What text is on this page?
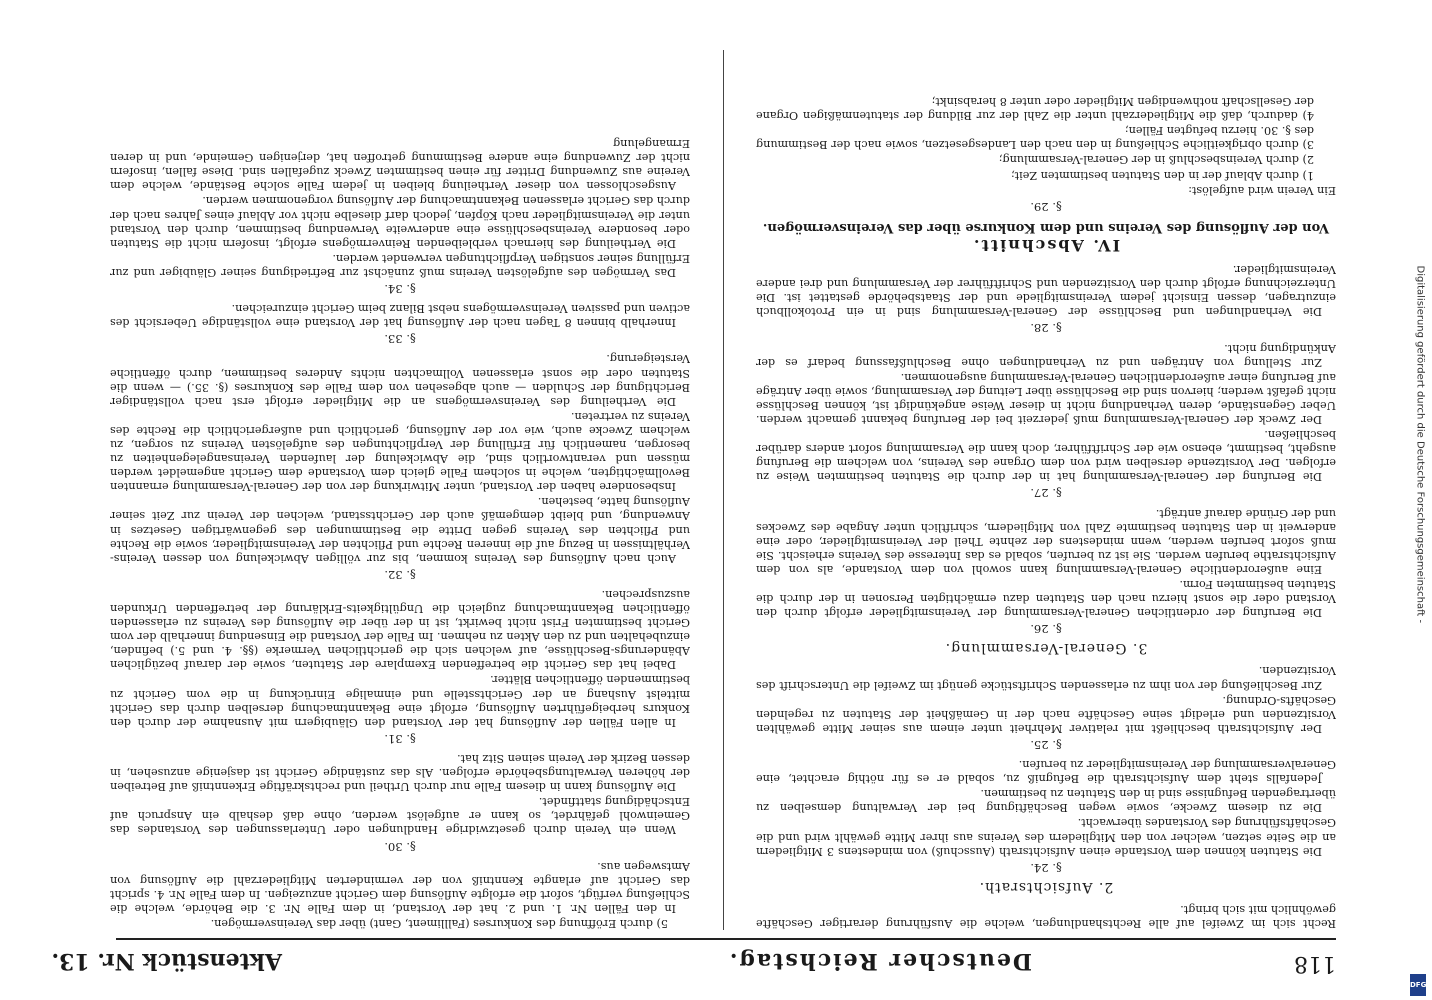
118
Deutscher Reichstag.
Aktenstück Nr. 13.

Recht sich im Zweifel auf alle Rechtshandlungen, welche die Ausführung derartiger Geschäfte gewöhnlich mit sich bringt.

2. Aufsichtsrath.

§. 24.

Die Statuten können dem Vorstande einen Aufsichtsrath (Ausschuß) von mindestens 3 Mitgliedern an die Seite setzen, welcher von den Mitgliedern des Vereins aus ihrer Mitte gewählt wird und die Geschäftsführung des Vorstandes überwacht.

Die zu diesem Zwecke, sowie wegen Beschäftigung bei der Verwaltung demselben zu übertragenden Befugnisse sind in den Statuten zu bestimmen.

Jedenfalls steht dem Aufsichtsrath die Befugniß zu, sobald er es für nöthig erachtet, eine Generalversammlung der Vereinsmitglieder zu berufen.

§. 25.

Der Aufsichtsrath beschließt mit relativer Mehrheit unter einem aus seiner Mitte gewählten Vorsitzenden und erledigt seine Geschäfte nach der in Gemäßheit der Statuten zu regelnden Geschäfts-Ordnung.

Zur Beschließung der von ihm zu erlassenden Schriftstücke genügt im Zweifel die Unterschrift des Vorsitzenden.

3. General-Versammlung.

§. 26.

Die Berufung der ordentlichen General-Versammlung der Vereinsmitglieder erfolgt durch den Vorstand oder die sonst hierzu nach den Statuten dazu ermächtigten Personen in der durch die Statuten bestimmten Form.

Eine außerordentliche General-Versammlung kann sowohl von dem Vorstande, als von dem Aufsichtsrathe berufen werden. Sie ist zu berufen, sobald es das Interesse des Vereins erheischt. Sie muß sofort berufen werden, wenn mindestens der zehnte Theil der Vereinsmitglieder, oder eine anderweit in den Statuten bestimmte Zahl von Mitgliedern, schriftlich unter Angabe des Zweckes und der Gründe darauf anträgt.

§. 27.

Die Berufung der General-Versammlung hat in der durch die Statuten bestimmten Weise zu erfolgen. Der Vorsitzende derselben wird von dem Organe des Vereins, von welchem die Berufung ausgeht, bestimmt, ebenso wie der Schriftführer, doch kann die Versammlung sofort anders darüber beschließen.

Der Zweck der General-Versammlung muß jederzeit bei der Berufung bekannt gemacht werden. Ueber Gegenstände, deren Verhandlung nicht in dieser Weise angekündigt ist, können Beschlüsse nicht gefaßt werden; hiervon sind die Beschlüsse über Leitung der Versammlung, sowie über Anträge auf Berufung einer außerordentlichen General-Versammlung ausgenommen.

Zur Stellung von Anträgen und zu Verhandlungen ohne Beschlußfassung bedarf es der Ankündigung nicht.

§. 28.

Die Verhandlungen und Beschlüsse der General-Versammlung sind in ein Protokollbuch einzutragen, dessen Einsicht jedem Vereinsmitgliede und der Staatsbehörde gestattet ist. Die Unterzeichnung erfolgt durch den Vorsitzenden und Schriftführer der Versammlung und drei andere Vereinsmitglieder.

IV. Abschnitt.

Von der Auflösung des Vereins und dem Konkurse über das Vereinsvermögen.

§. 29.

Ein Verein wird aufgelöst:

1) durch Ablauf der in den Statuten bestimmten Zeit;

2) durch Vereinsbeschluß in der General-Versammlung;

3) durch obrigkeitliche Schließung in den nach den Landesgesetzen, sowie nach der Bestimmung des §. 30. hierzu befugten Fällen;

4) dadurch, daß die Mitgliederzahl unter die Zahl der zur Bildung der statutenmäßigen Organe der Gesellschaft nothwendigen Mitglieder oder unter 8 herabsinkt;

5) durch Eröffnung des Konkurses (Fallliment, Gant) über das Vereinsvermögen.

In den Fällen Nr. 1. und 2. hat der Vorstand, in dem Falle Nr. 3. die Behörde, welche die Schließung verfügt, sofort die erfolgte Auflösung dem Gericht anzuzeigen. In dem Falle Nr. 4. spricht das Gericht auf erlangte Kenntniß von der verminderten Mitgliederzahl die Auflösung von Amtswegen aus.

§. 30.

Wenn ein Verein durch gesetzwidrige Handlungen oder Unterlassungen des Vorstandes das Gemeinwohl gefährdet, so kann er aufgelöst werden, ohne daß deshalb ein Anspruch auf Entschädigung stattfindet.

Die Auflösung kann in diesem Falle nur durch Urtheil und rechtskräftige Erkenntniß auf Betreiben der höheren Verwaltungsbehörde erfolgen. Als das zuständige Gericht ist dasjenige anzusehen, in dessen Bezirk der Verein seinen Sitz hat.

§. 31.

In allen Fällen der Auflösung hat der Vorstand den Gläubigern mit Ausnahme der durch den Konkurs herbeigeführten Auflösung, erfolgt eine Bekanntmachung derselben durch das Gericht mittelst Aushang an der Gerichtsstelle und einmalige Einrückung in die vom Gericht zu bestimmenden öffentlichen Blätter.

Dabei hat das Gericht die betreffenden Exemplare der Statuten, sowie der darauf bezüglichen Abänderungs-Beschlüsse, auf welchen sich die gerichtlichen Vermerke (§§. 4. und 5.) befinden, einzubehalten und zu den Akten zu nehmen. Im Falle der Vorstand die Einsendung innerhalb der vom Gericht bestimmten Frist nicht bewirkt, ist in der über die Auflösung des Vereins zu erlassenden öffentlichen Bekanntmachung zugleich die Ungültigkeits-Erklärung der betreffenden Urkunden auszusprechen.

§. 32.

Auch nach Auflösung des Vereins kommen, bis zur völligen Abwickelung von dessen Vereins-Verhältnissen in Bezug auf die inneren Rechte und Pflichten der Vereinsmitglieder, sowie die Rechte und Pflichten des Vereins gegen Dritte die Bestimmungen des gegenwärtigen Gesetzes in Anwendung, und bleibt demgemäß auch der Gerichtsstand, welchen der Verein zur Zeit seiner Auflösung hatte, bestehen.

Insbesondere haben der Vorstand, unter Mitwirkung der von der General-Versammlung ernannten Bevollmächtigten, welche in solchem Falle gleich dem Vorstande dem Gericht angemeldet werden müssen und verantwortlich sind, die Abwickelung der laufenden Vereinsangelegenheiten zu besorgen, namentlich für Erfüllung der Verpflichtungen des aufgelösten Vereins zu sorgen, zu welchem Zwecke auch, wie vor der Auflösung, gerichtlich und außergerichtlich die Rechte des Vereins zu vertreten.

Die Vertheilung des Vereinsvermögens an die Mitglieder erfolgt erst nach vollständiger Berichtigung der Schulden — auch abgesehen von dem Falle des Konkurses (§. 35.) — wenn die Statuten oder die sonst erlassenen Vollmachten nichts Anderes bestimmen, durch öffentliche Versteigerung.

§. 33.

Innerhalb binnen 8 Tagen nach der Auflösung hat der Vorstand eine vollständige Uebersicht des activen und passiven Vereinsvermögens nebst Bilanz beim Gericht einzureichen.

§. 34.

Das Vermögen des aufgelösten Vereins muß zunächst zur Befriedigung seiner Gläubiger und zur Erfüllung seiner sonstigen Verpflichtungen verwendet werden.

Die Vertheilung des hiernach verbleibenden Reinvermögens erfolgt, insofern nicht die Statuten oder besondere Vereinsbeschlüsse eine anderweite Verwendung bestimmen, durch den Vorstand unter die Vereinsmitglieder nach Köpfen, jedoch darf dieselbe nicht vor Ablauf eines Jahres nach der durch das Gericht erlassenen Bekanntmachung der Auflösung vorgenommen werden.

Ausgeschlossen von dieser Vertheilung bleiben in jedem Falle solche Bestände, welche dem Vereine aus Zuwendung Dritter für einen bestimmten Zweck zugefallen sind. Diese fallen, insofern nicht der Zuwendung eine andere Bestimmung getroffen hat, derjenigen Gemeinde, und in deren Ermangelung

Digitalisierung gefördert durch die Deutsche Forschungsgemeinschaft -
DFG
